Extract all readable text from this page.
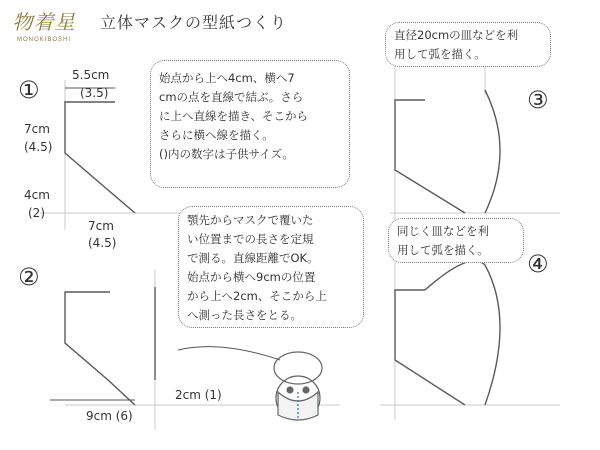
物着星
MONOKIBOSHI
立体マスクの型紙つくり
①
②
③
④
5.5cm
(3.5)
7cm
(4.5)
4cm
(2)
7cm
(4.5)
2cm (1)
9cm (6)
始点から上へ4cm、横へ7
cmの点を直線で結ぶ。さら
に上へ直線を描き、そこから
さらに横へ線を描く。
()内の数字は子供サイズ。
顎先からマスクで覆いた
い位置までの長さを定規
で測る。直線距離でOK。
始点から横へ9cmの位置
から上へ2cm、そこから上
へ測った長さをとる。
直径20cmの皿などを利
用して弧を描く。
同じく皿などを利
用して弧を描く。
